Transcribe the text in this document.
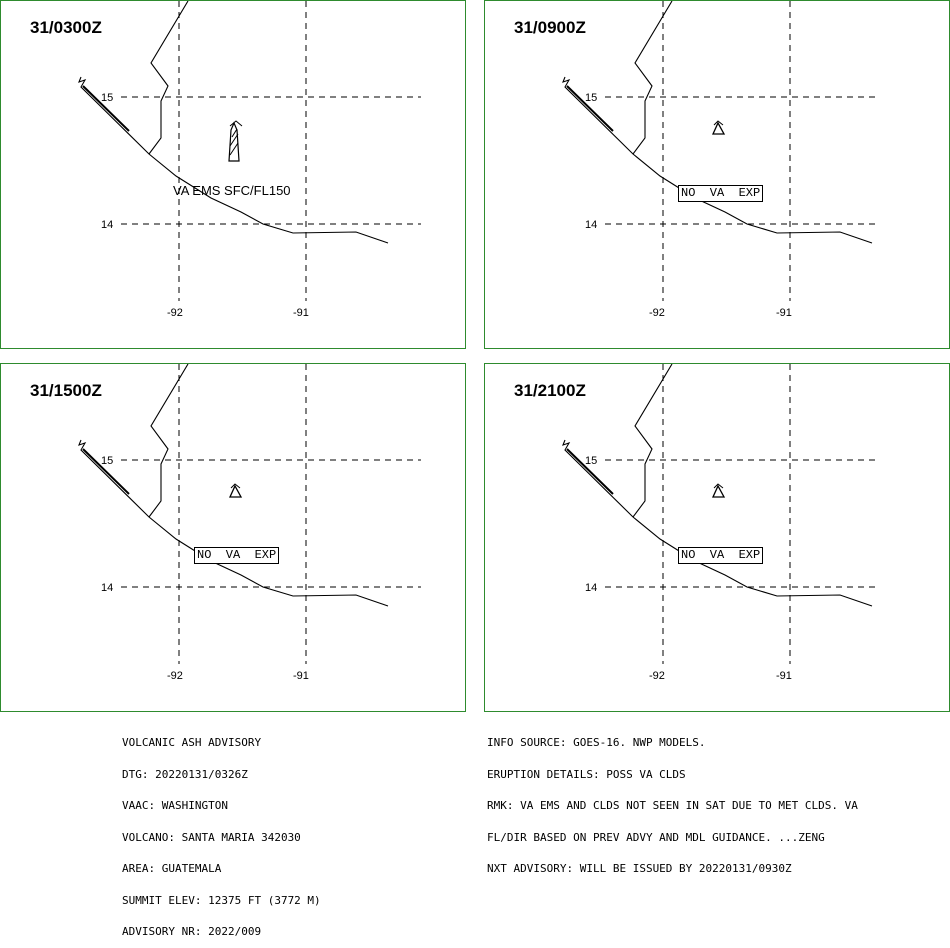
31/0300Z
15
14
-92	-91
VA EMS SFC/FL150
31/0900Z
15
14
-92	-91
NO  VA  EXP
31/1500Z
15
14
-92	-91
NO  VA  EXP
31/2100Z
15
14
-92	-91
NO  VA  EXP

VOLCANIC ASH ADVISORY

DTG: 20220131/0326Z

VAAC: WASHINGTON

VOLCANO: SANTA MARIA 342030

AREA: GUATEMALA

SUMMIT ELEV: 12375 FT (3772 M)

ADVISORY NR: 2022/009

INFO SOURCE: GOES-16. NWP MODELS.

ERUPTION DETAILS: POSS VA CLDS

RMK: VA EMS AND CLDS NOT SEEN IN SAT DUE TO MET CLDS. VA

FL/DIR BASED ON PREV ADVY AND MDL GUIDANCE. ...ZENG

NXT ADVISORY: WILL BE ISSUED BY 20220131/0930Z
